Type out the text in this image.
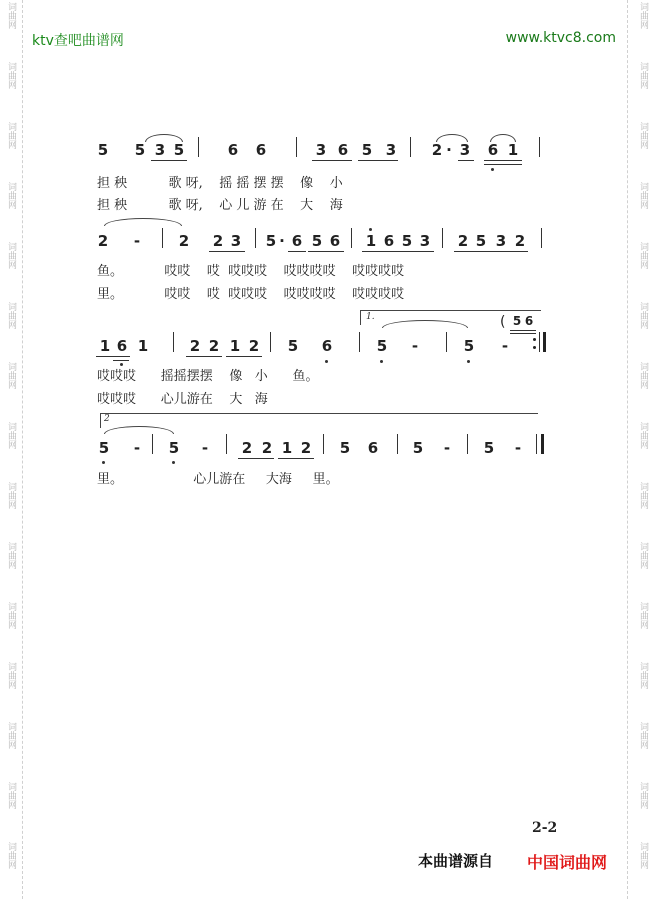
词曲网
词曲网
词曲网
词曲网
词曲网
词曲网
词曲网
词曲网
词曲网
词曲网
词曲网
词曲网
词曲网
词曲网
词曲网
词曲网
词曲网
词曲网
词曲网
词曲网
词曲网
词曲网
词曲网
词曲网
词曲网
词曲网
词曲网
词曲网
词曲网
词曲网
ktv查吧曲谱网	www.ktvc8.com
5 5 3 5	6 6	3 6 5 3 2 · 3 6 1
担 秧          歌 呀,    摇 摇 摆 摆    像    小
担 秧          歌 呀,    心 儿 游 在    大    海
2 -	2 2 3 5 · 6 5 6 1 6 5 3 2 5 3 2
鱼。          哎哎    哎  哎哎哎    哎哎哎哎    哎哎哎哎
里。          哎哎    哎  哎哎哎    哎哎哎哎    哎哎哎哎
1 6 1	2 2 1 2 5 6
1.	( 5 6
5 -	5 -
哎哎哎      摇摇摆摆    像   小      鱼。
哎哎哎      心儿游在    大   海
2
5 - 5 - 2 2 1 2 5 6 5 - 5 -
里。                 心儿游在     大海     里。
2-2
本曲谱源自 中国词曲网
